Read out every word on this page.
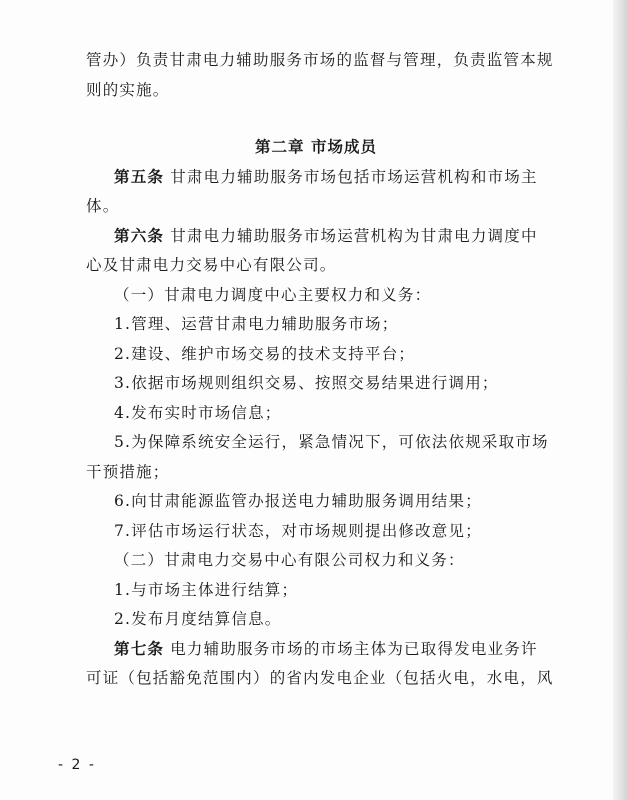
管办）负责甘肃电力辅助服务市场的监督与管理，负责监管本规

则的实施。

第二章 市场成员

第五条 甘肃电力辅助服务市场包括市场运营机构和市场主

体。

第六条 甘肃电力辅助服务市场运营机构为甘肃电力调度中

心及甘肃电力交易中心有限公司。

（一）甘肃电力调度中心主要权力和义务：

1.管理、运营甘肃电力辅助服务市场；

2.建设、维护市场交易的技术支持平台；

3.依据市场规则组织交易、按照交易结果进行调用；

4.发布实时市场信息；

5.为保障系统安全运行，紧急情况下，可依法依规采取市场

干预措施；

6.向甘肃能源监管办报送电力辅助服务调用结果；

7.评估市场运行状态，对市场规则提出修改意见；

（二）甘肃电力交易中心有限公司权力和义务：

1.与市场主体进行结算；

2.发布月度结算信息。

第七条 电力辅助服务市场的市场主体为已取得发电业务许

可证（包括豁免范围内）的省内发电企业（包括火电，水电，风

- 2 -
